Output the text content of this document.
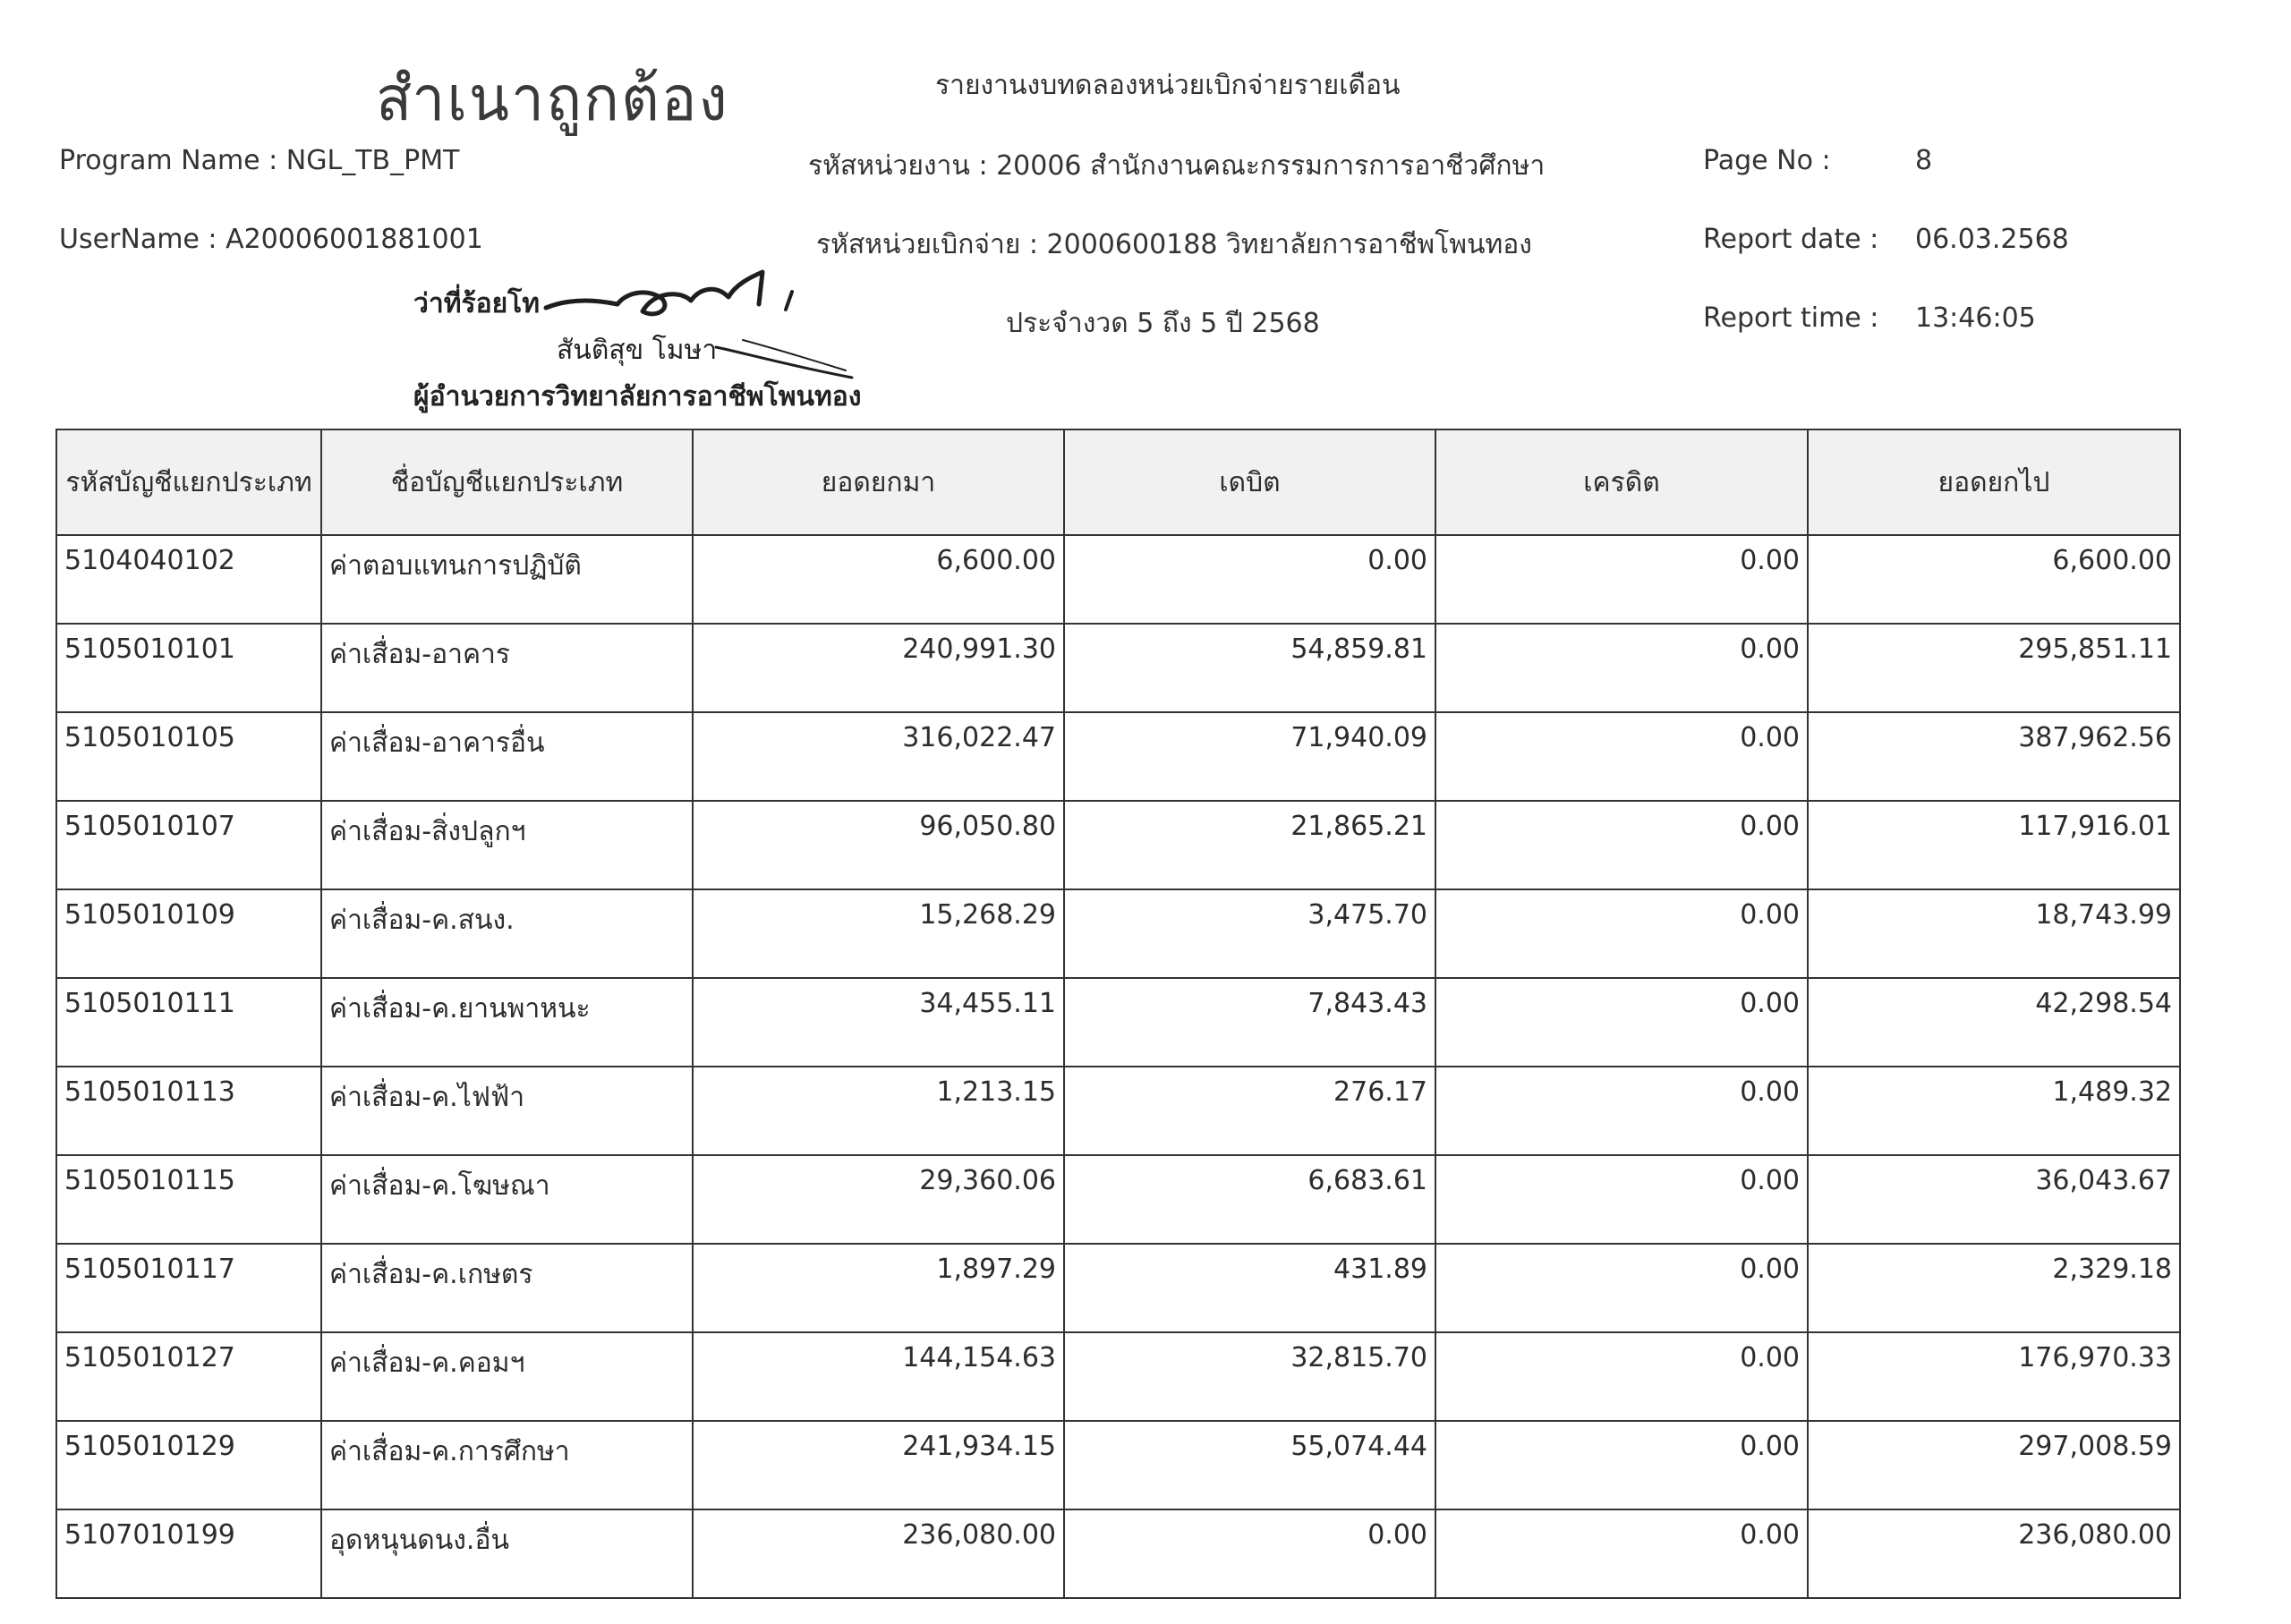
สำเนาถูกต้อง	รายงานงบทดลองหน่วยเบิกจ่ายรายเดือน
Program Name : NGL_TB_PMT	รหัสหน่วยงาน : 20006 สำนักงานคณะกรรมการการอาชีวศึกษา	Page No :	8
UserName : A20006001881001	รหัสหน่วยเบิกจ่าย : 2000600188 วิทยาลัยการอาชีพโพนทอง	Report date : 06.03.2568
ประจำงวด 5 ถึง 5 ปี 2568	Report time : 13:46:05
ว่าที่ร้อยโท
สันติสุข โมษา
ผู้อำนวยการวิทยาลัยการอาชีพโพนทอง
รหัสบัญชีแยกประเภท	ชื่อบัญชีแยกประเภท	ยอดยกมา	เดบิต	เครดิต	ยอดยกไป
5104040102	ค่าตอบแทนการปฏิบัติ	6,600.00	0.00	0.00	6,600.00
5105010101	ค่าเสื่อม-อาคาร	240,991.30	54,859.81	0.00	295,851.11
5105010105	ค่าเสื่อม-อาคารอื่น	316,022.47	71,940.09	0.00	387,962.56
5105010107	ค่าเสื่อม-สิ่งปลูกฯ	96,050.80	21,865.21	0.00	117,916.01
5105010109	ค่าเสื่อม-ค.สนง.	15,268.29	3,475.70	0.00	18,743.99
5105010111	ค่าเสื่อม-ค.ยานพาหนะ	34,455.11	7,843.43	0.00	42,298.54
5105010113	ค่าเสื่อม-ค.ไฟฟ้า	1,213.15	276.17	0.00	1,489.32
5105010115	ค่าเสื่อม-ค.โฆษณา	29,360.06	6,683.61	0.00	36,043.67
5105010117	ค่าเสื่อม-ค.เกษตร	1,897.29	431.89	0.00	2,329.18
5105010127	ค่าเสื่อม-ค.คอมฯ	144,154.63	32,815.70	0.00	176,970.33
5105010129	ค่าเสื่อม-ค.การศึกษา	241,934.15	55,074.44	0.00	297,008.59
5107010199	อุดหนุนดนง.อื่น	236,080.00	0.00	0.00	236,080.00
